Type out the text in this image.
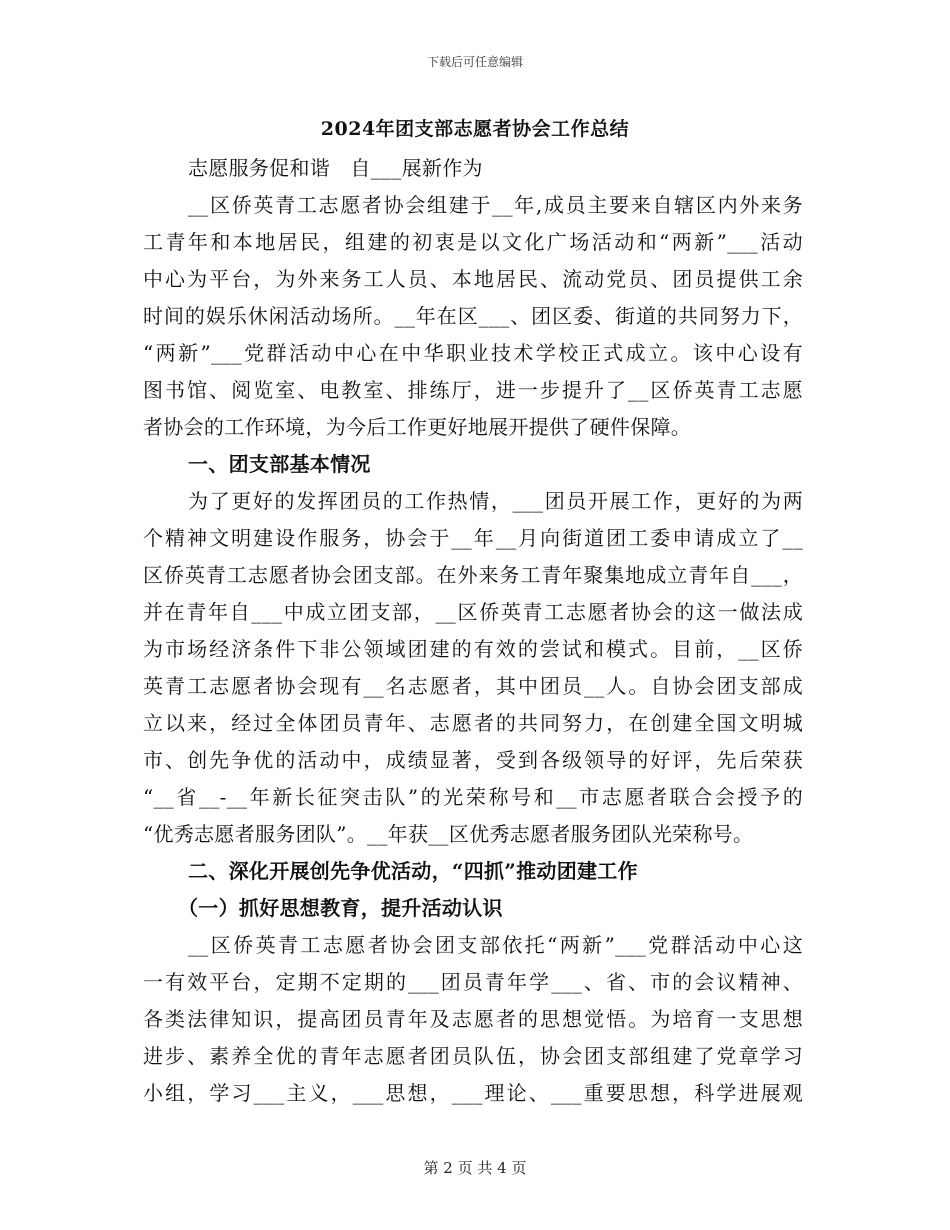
下载后可任意编辑
2024年团支部志愿者协会工作总结
志愿服务促和谐　自___展新作为
__区侨英青工志愿者协会组建于__年,成员主要来自辖区内外来务
工青年和本地居民，组建的初衷是以文化广场活动和“两新”___活动
中心为平台，为外来务工人员、本地居民、流动党员、团员提供工余
时间的娱乐休闲活动场所。__年在区___、团区委、街道的共同努力下，
“两新”___党群活动中心在中华职业技术学校正式成立。该中心设有
图书馆、阅览室、电教室、排练厅，进一步提升了__区侨英青工志愿
者协会的工作环境，为今后工作更好地展开提供了硬件保障。
一、团支部基本情况
为了更好的发挥团员的工作热情，___团员开展工作，更好的为两
个精神文明建设作服务，协会于__年__月向街道团工委申请成立了__
区侨英青工志愿者协会团支部。在外来务工青年聚集地成立青年自___，
并在青年自___中成立团支部，__区侨英青工志愿者协会的这一做法成
为市场经济条件下非公领域团建的有效的尝试和模式。目前，__区侨
英青工志愿者协会现有__名志愿者，其中团员__人。自协会团支部成
立以来，经过全体团员青年、志愿者的共同努力，在创建全国文明城
市、创先争优的活动中，成绩显著，受到各级领导的好评，先后荣获
“__省__-__年新长征突击队”的光荣称号和__市志愿者联合会授予的
“优秀志愿者服务团队”。__年获__区优秀志愿者服务团队光荣称号。
二、深化开展创先争优活动，“四抓”推动团建工作
（一）抓好思想教育，提升活动认识
__区侨英青工志愿者协会团支部依托“两新”___党群活动中心这
一有效平台，定期不定期的___团员青年学___、省、市的会议精神、
各类法律知识，提高团员青年及志愿者的思想觉悟。为培育一支思想
进步、素养全优的青年志愿者团员队伍，协会团支部组建了党章学习
小组，学习___主义，___思想，___理论、___重要思想，科学进展观
第 2 页 共 4 页
